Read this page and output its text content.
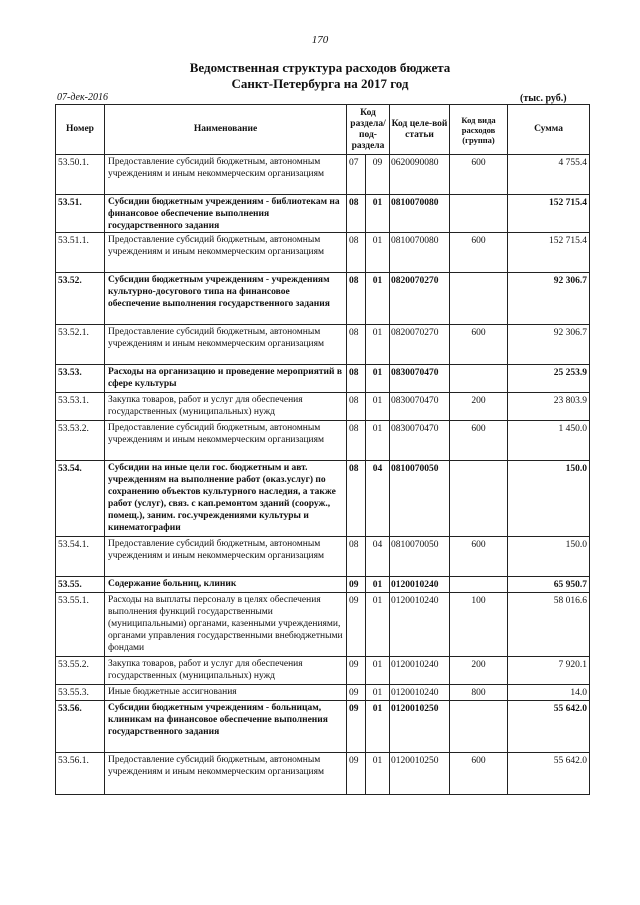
170
Ведомственная структура расходов бюджета
Санкт-Петербурга на 2017 год
07-дек-2016	(тыс. руб.)
Номер	Наименование	Код раздела/ под-раздела		Код целе-вой статьи	Код вида расходов (группа)	Сумма
53.50.1.	Предоставление субсидий бюджетным, автономным учреждениям и иным некоммерческим организациям	07	09	0620090080	600	4 755.4
53.51.	Субсидии бюджетным учреждениям - библиотекам на финансовое обеспечение выполнения государственного задания	08	01	0810070080		152 715.4
53.51.1.	Предоставление субсидий бюджетным, автономным учреждениям и иным некоммерческим организациям	08	01	0810070080	600	152 715.4
53.52.	Субсидии бюджетным учреждениям - учреждениям культурно-досугового типа на финансовое обеспечение выполнения государственного задания	08	01	0820070270		92 306.7
53.52.1.	Предоставление субсидий бюджетным, автономным учреждениям и иным некоммерческим организациям	08	01	0820070270	600	92 306.7
53.53.	Расходы на организацию и проведение мероприятий в сфере культуры	08	01	0830070470		25 253.9
53.53.1.	Закупка товаров, работ и услуг для обеспечения государственных (муниципальных) нужд	08	01	0830070470	200	23 803.9
53.53.2.	Предоставление субсидий бюджетным, автономным учреждениям и иным некоммерческим организациям	08	01	0830070470	600	1 450.0
53.54.	Субсидии на иные цели гос. бюджетным и авт. учреждениям на выполнение работ (оказ.услуг) по сохранению объектов культурного наследия, а также работ (услуг), связ. с кап.ремонтом зданий (сооруж., помещ.), заним. гос.учреждениями культуры и кинематографии	08	04	0810070050		150.0
53.54.1.	Предоставление субсидий бюджетным, автономным учреждениям и иным некоммерческим организациям	08	04	0810070050	600	150.0
53.55.	Содержание больниц, клиник	09	01	0120010240		65 950.7
53.55.1.	Расходы на выплаты персоналу в целях обеспечения выполнения функций государственными (муниципальными) органами, казенными учреждениями, органами управления государственными внебюджетными фондами	09	01	0120010240	100	58 016.6
53.55.2.	Закупка товаров, работ и услуг для обеспечения государственных (муниципальных) нужд	09	01	0120010240	200	7 920.1
53.55.3.	Иные бюджетные ассигнования	09	01	0120010240	800	14.0
53.56.	Субсидии бюджетным учреждениям - больницам, клиникам на финансовое обеспечение выполнения государственного задания	09	01	0120010250		55 642.0
53.56.1.	Предоставление субсидий бюджетным, автономным учреждениям и иным некоммерческим организациям	09	01	0120010250	600	55 642.0
